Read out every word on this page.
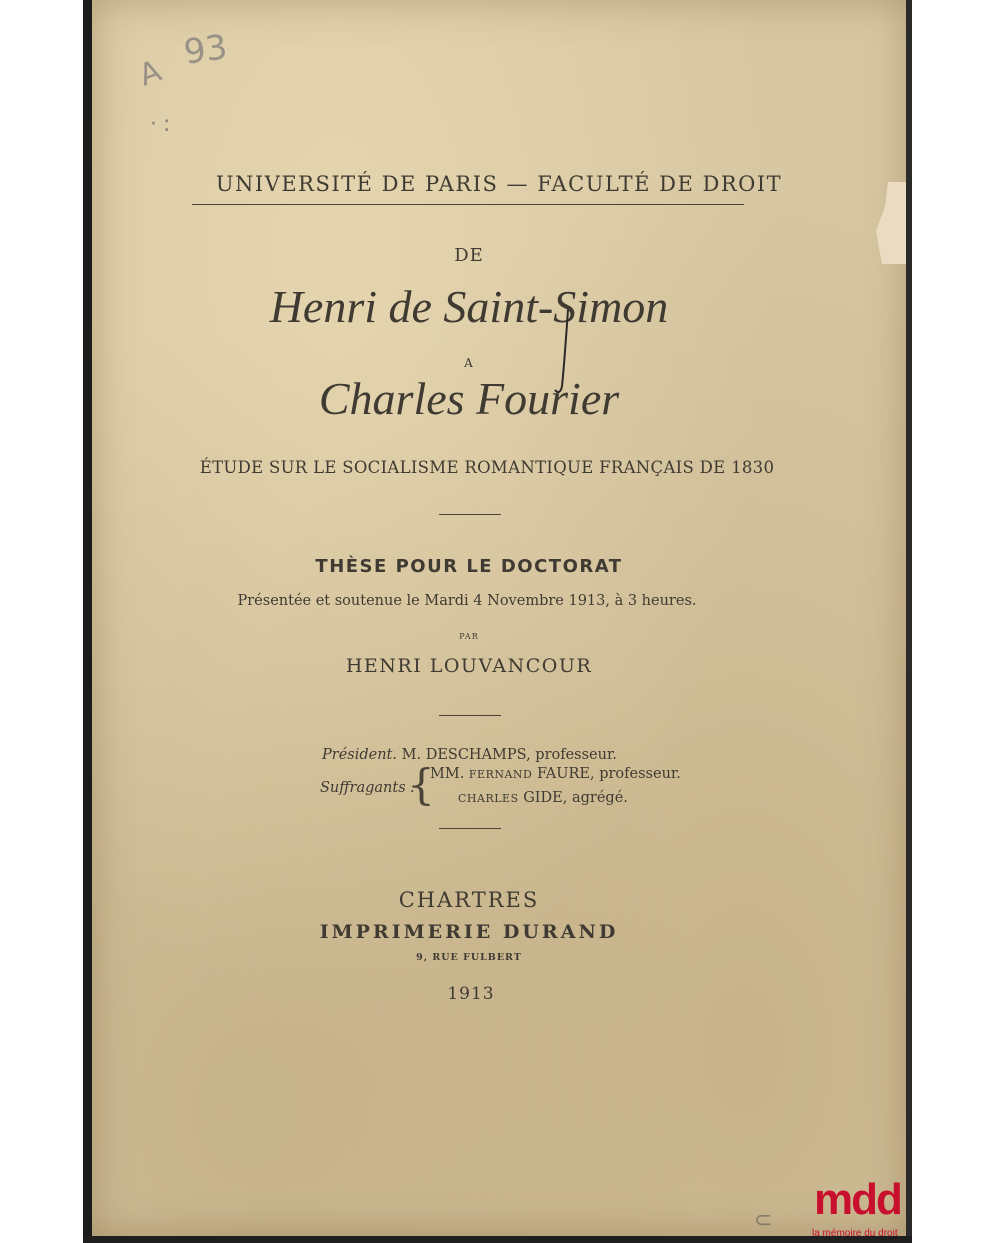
A
93
·:
UNIVERSITÉ DE PARIS — FACULTÉ DE DROIT
DE
Henri de Saint-Simon
A
Charles Fourier
ÉTUDE SUR LE SOCIALISME ROMANTIQUE FRANÇAIS DE 1830
THÈSE POUR LE DOCTORAT
Présentée et soutenue le Mardi 4 Novembre 1913, à 3 heures.
PAR
HENRI LOUVANCOUR
Président. M. DESCHAMPS, professeur.
Suffragants :
{
MM. FERNAND FAURE, professeur.
CHARLES GIDE, agrégé.
CHARTRES
IMPRIMERIE DURAND
9, RUE FULBERT
1913
⊂ mdd
la mémoire du droit
